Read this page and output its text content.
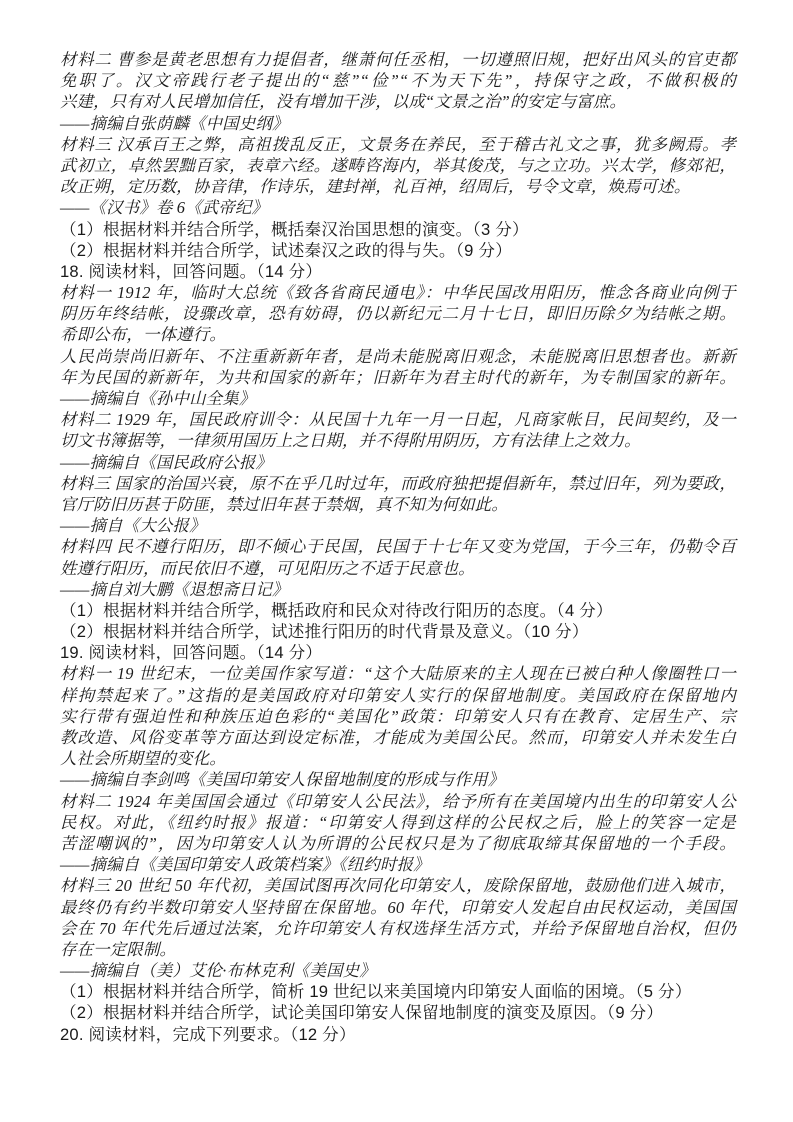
材料二 曹参是黄老思想有力提倡者，继萧何任丞相，一切遵照旧规，把好出风头的官吏都
免职了。汉文帝践行老子提出的“慈”“俭”“不为天下先”，持保守之政，不做积极的
兴建，只有对人民增加信任，没有增加干涉，以成“文景之治”的安定与富庶。
——摘编自张荫麟《中国史纲》
材料三 汉承百王之弊，高祖拨乱反正，文景务在养民，至于稽古礼文之事，犹多阙焉。孝
武初立，卓然罢黜百家，表章六经。遂畴咨海内，举其俊茂，与之立功。兴太学，修郊祀，
改正朔，定历数，协音律，作诗乐，建封禅，礼百神，绍周后，号令文章，焕焉可述。
——《汉书》卷 6《武帝纪》
（1）根据材料并结合所学，概括秦汉治国思想的演变。（3 分）
（2）根据材料并结合所学，试述秦汉之政的得与失。（9 分）
18. 阅读材料，回答问题。（14 分）
材料一 1912 年，临时大总统《致各省商民通电》：中华民国改用阳历，惟念各商业向例于
阴历年终结帐，设骤改章，恐有妨碍，仍以新纪元二月十七日，即旧历除夕为结帐之期。
希即公布，一体遵行。
人民尚崇尚旧新年、不注重新新年者，是尚未能脱离旧观念，未能脱离旧思想者也。新新
年为民国的新新年，为共和国家的新年；旧新年为君主时代的新年，为专制国家的新年。
——摘编自《孙中山全集》
材料二 1929 年，国民政府训令：从民国十九年一月一日起，凡商家帐目，民间契约，及一
切文书簿据等，一律须用国历上之日期，并不得附用阴历，方有法律上之效力。
——摘编自《国民政府公报》
材料三 国家的治国兴衰，原不在乎几时过年，而政府独把提倡新年，禁过旧年，列为要政，
官厅防旧历甚于防匪，禁过旧年甚于禁烟，真不知为何如此。
——摘自《大公报》
材料四 民不遵行阳历，即不倾心于民国，民国于十七年又变为党国，于今三年，仍勒令百
姓遵行阳历，而民依旧不遵，可见阳历之不适于民意也。
——摘自刘大鹏《退想斋日记》
（1）根据材料并结合所学，概括政府和民众对待改行阳历的态度。（4 分）
（2）根据材料并结合所学，试述推行阳历的时代背景及意义。（10 分）
19. 阅读材料，回答问题。（14 分）
材料一 19 世纪末，一位美国作家写道：“这个大陆原来的主人现在已被白种人像圈牲口一
样拘禁起来了。”这指的是美国政府对印第安人实行的保留地制度。美国政府在保留地内
实行带有强迫性和种族压迫色彩的“美国化”政策：印第安人只有在教育、定居生产、宗
教改造、风俗变革等方面达到设定标准，才能成为美国公民。然而，印第安人并未发生白
人社会所期望的变化。
——摘编自李剑鸣《美国印第安人保留地制度的形成与作用》
材料二 1924 年美国国会通过《印第安人公民法》，给予所有在美国境内出生的印第安人公
民权。对此，《纽约时报》报道：“印第安人得到这样的公民权之后，脸上的笑容一定是
苦涩嘲讽的”，因为印第安人认为所谓的公民权只是为了彻底取缔其保留地的一个手段。
——摘编自《美国印第安人政策档案》《纽约时报》
材料三 20 世纪 50 年代初，美国试图再次同化印第安人，废除保留地，鼓励他们进入城市，
最终仍有约半数印第安人坚持留在保留地。60 年代，印第安人发起自由民权运动，美国国
会在 70 年代先后通过法案，允许印第安人有权选择生活方式，并给予保留地自治权，但仍
存在一定限制。
——摘编自（美）艾伦·布林克利《美国史》
（1）根据材料并结合所学，简析 19 世纪以来美国境内印第安人面临的困境。（5 分）
（2）根据材料并结合所学，试论美国印第安人保留地制度的演变及原因。（9 分）
20. 阅读材料，完成下列要求。（12 分）
